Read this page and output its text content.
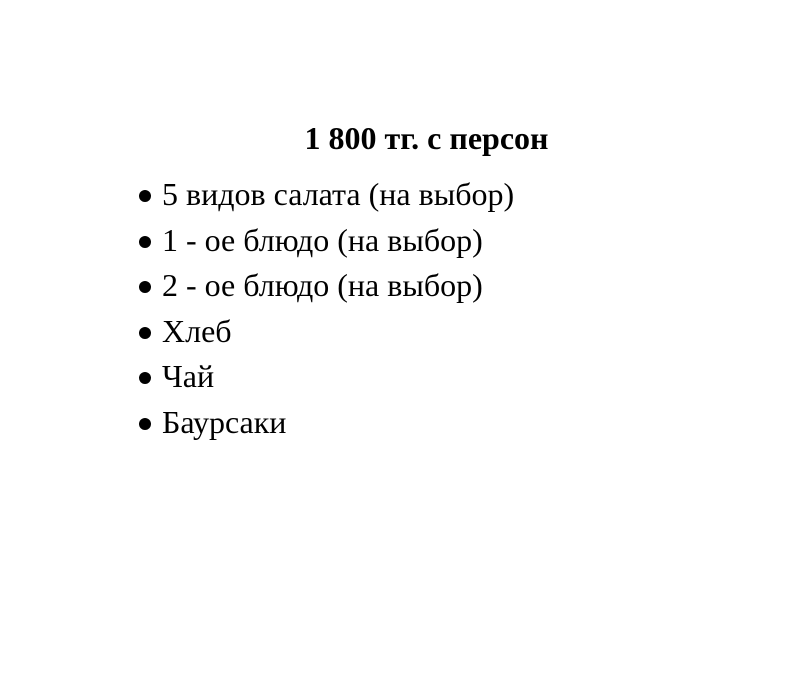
1 800 тг. с персон
5 видов салата (на выбор)
1 - ое блюдо (на выбор)
2 - ое блюдо (на выбор)
Хлеб
Чай
Баурсаки
